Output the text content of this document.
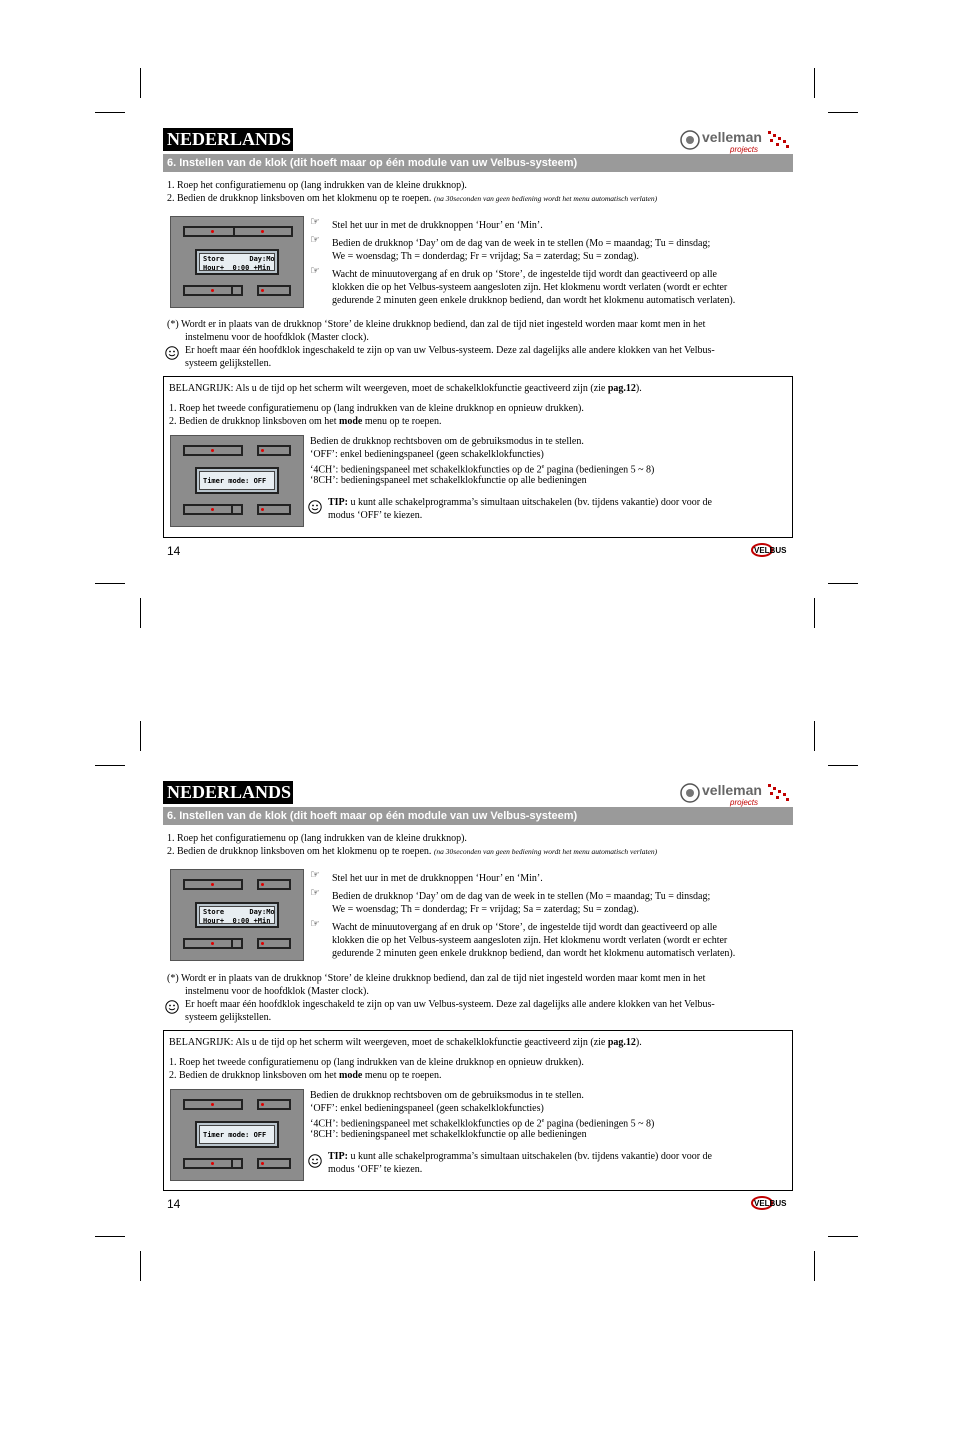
NEDERLANDS	velleman
projects
6. Instellen van de klok (dit hoeft maar op één module van uw Velbus-systeem)
1. Roep het configuratiemenu op (lang indrukken van de kleine drukknop).
2. Bedien de drukknop linksboven om het klokmenu op te roepen. (na 30seconden van geen bediening wordt het menu automatisch verlaten)
Store      Day:Mo
Hour+  0:00 +Min
☞ Stel het uur in met de drukknoppen ‘Hour’ en ‘Min’.
☞ Bedien de drukknop ‘Day’ om de dag van de week in te stellen (Mo = maandag; Tu = dinsdag;
We = woensdag; Th = donderdag; Fr = vrijdag; Sa = zaterdag; Su = zondag).
☞ Wacht de minuutovergang af en druk op ‘Store’, de ingestelde tijd wordt dan geactiveerd op alle
klokken die op het Velbus-systeem aangesloten zijn. Het klokmenu wordt verlaten (wordt er echter
gedurende 2 minuten geen enkele drukknop bediend, dan wordt het klokmenu automatisch verlaten).
(*) Wordt er in plaats van de drukknop ‘Store’ de kleine drukknop bediend, dan zal de tijd niet ingesteld worden maar komt men in het
instelmenu voor de hoofdklok (Master clock).
Er hoeft maar één hoofdklok ingeschakeld te zijn op van uw Velbus-systeem. Deze zal dagelijks alle andere klokken van het Velbus-
systeem gelijkstellen.
BELANGRIJK: Als u de tijd op het scherm wilt weergeven, moet de schakelklokfunctie geactiveerd zijn (zie pag.12).
1. Roep het tweede configuratiemenu op (lang indrukken van de kleine drukknop en opnieuw drukken).
2. Bedien de drukknop linksboven om het mode menu op te roepen.
Timer mode: OFF
Bedien de drukknop rechtsboven om de gebruiksmodus in te stellen.
‘OFF’: enkel bedieningspaneel (geen schakelklokfuncties)
‘4CH’: bedieningspaneel met schakelklokfuncties op de 2e pagina (bedieningen 5 ~ 8)
‘8CH’: bedieningspaneel met schakelklokfunctie op alle bedieningen
TIP: u kunt alle schakelprogramma’s simultaan uitschakelen (bv. tijdens vakantie) door voor de
modus ‘OFF’ te kiezen.
14	VELBUS
NEDERLANDS	velleman
projects
6. Instellen van de klok (dit hoeft maar op één module van uw Velbus-systeem)
1. Roep het configuratiemenu op (lang indrukken van de kleine drukknop).
2. Bedien de drukknop linksboven om het klokmenu op te roepen. (na 30seconden van geen bediening wordt het menu automatisch verlaten)
Store      Day:Mo
Hour+  0:00 +Min
☞ Stel het uur in met de drukknoppen ‘Hour’ en ‘Min’.
☞ Bedien de drukknop ‘Day’ om de dag van de week in te stellen (Mo = maandag; Tu = dinsdag;
We = woensdag; Th = donderdag; Fr = vrijdag; Sa = zaterdag; Su = zondag).
☞ Wacht de minuutovergang af en druk op ‘Store’, de ingestelde tijd wordt dan geactiveerd op alle
klokken die op het Velbus-systeem aangesloten zijn. Het klokmenu wordt verlaten (wordt er echter
gedurende 2 minuten geen enkele drukknop bediend, dan wordt het klokmenu automatisch verlaten).
(*) Wordt er in plaats van de drukknop ‘Store’ de kleine drukknop bediend, dan zal de tijd niet ingesteld worden maar komt men in het
instelmenu voor de hoofdklok (Master clock).
Er hoeft maar één hoofdklok ingeschakeld te zijn op van uw Velbus-systeem. Deze zal dagelijks alle andere klokken van het Velbus-
systeem gelijkstellen.
BELANGRIJK: Als u de tijd op het scherm wilt weergeven, moet de schakelklokfunctie geactiveerd zijn (zie pag.12).
1. Roep het tweede configuratiemenu op (lang indrukken van de kleine drukknop en opnieuw drukken).
2. Bedien de drukknop linksboven om het mode menu op te roepen.
Timer mode: OFF
Bedien de drukknop rechtsboven om de gebruiksmodus in te stellen.
‘OFF’: enkel bedieningspaneel (geen schakelklokfuncties)
‘4CH’: bedieningspaneel met schakelklokfuncties op de 2e pagina (bedieningen 5 ~ 8)
‘8CH’: bedieningspaneel met schakelklokfunctie op alle bedieningen
TIP: u kunt alle schakelprogramma’s simultaan uitschakelen (bv. tijdens vakantie) door voor de
modus ‘OFF’ te kiezen.
14	VELBUS
